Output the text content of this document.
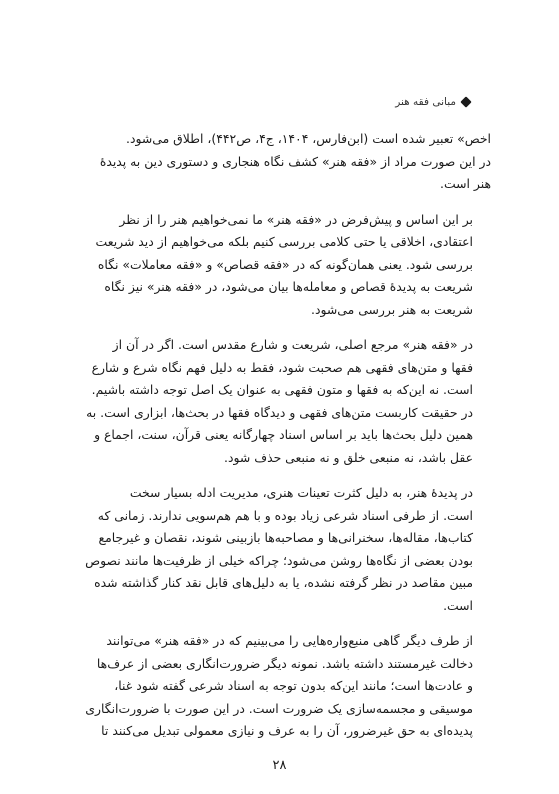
مبانی فقه هنر

اخص» تعبیر شده است (ابن‌فارس، ۱۴۰۴، ج۴، ص۴۴۲)، اطلاق می‌شود.
در این صورت مراد از «فقه هنر» کشف نگاه هنجاری و دستوری دین به پدیدۀ
هنر است.

بر این اساس و پیش‌فرض در «فقه هنر» ما نمی‌خواهیم هنر را از نظر
اعتقادی، اخلاقی یا حتی کلامی بررسی کنیم بلکه می‌خواهیم از دید شریعت
بررسی شود. یعنی همان‌گونه که در «فقه قصاص» و «فقه معاملات» نگاه
شریعت به پدیدۀ قصاص و معامله‌ها بیان می‌شود، در «فقه هنر» نیز نگاه
شریعت به هنر بررسی می‌شود.

در «فقه هنر» مرجع اصلی، شریعت و شارع مقدس است. اگر در آن از
فقها و متن‌های فقهی هم صحبت شود، فقط به دلیل فهم نگاه شرع و شارع
است. نه این‌که به فقها و متون فقهی به عنوان یک اصل توجه داشته باشیم.
در حقیقت کاربست متن‌های فقهی و دیدگاه فقها در بحث‌ها، ابزاری است. به
همین دلیل بحث‌ها باید بر اساس اسناد چهارگانه یعنی قرآن، سنت، اجماع و
عقل باشد، نه منبعی خلق و نه منبعی حذف شود.

در پدیدۀ هنر، به دلیل کثرت تعینات هنری، مدیریت ادله بسیار سخت
است. از طرفی اسناد شرعی زیاد بوده و با هم هم‌سویی ندارند. زمانی که
کتاب‌ها، مقاله‌ها، سخنرانی‌ها و مصاحبه‌ها بازبینی شوند، نقصان و غیرجامع
بودن بعضی از نگاه‌ها روشن می‌شود؛ چراکه خیلی از ظرفیت‌ها مانند نصوص
مبین مقاصد در نظر گرفته نشده، یا به دلیل‌های قابل نقد کنار گذاشته شده
است.

از طرف دیگر گاهی منبع‌واره‌هایی را می‌بینیم که در «فقه هنر» می‌توانند
دخالت غیرمستند داشته باشد. نمونه دیگر ضرورت‌انگاری بعضی از عرف‌ها
و عادت‌ها است؛ مانند این‌که بدون توجه به اسناد شرعی گفته شود غنا،
موسیقی و مجسمه‌سازی یک ضرورت است. در این صورت با ضرورت‌انگاری
پدیده‌ای به حق غیرضرور، آن را به عرف و نیازی معمولی تبدیل می‌کنند تا

۲۸
